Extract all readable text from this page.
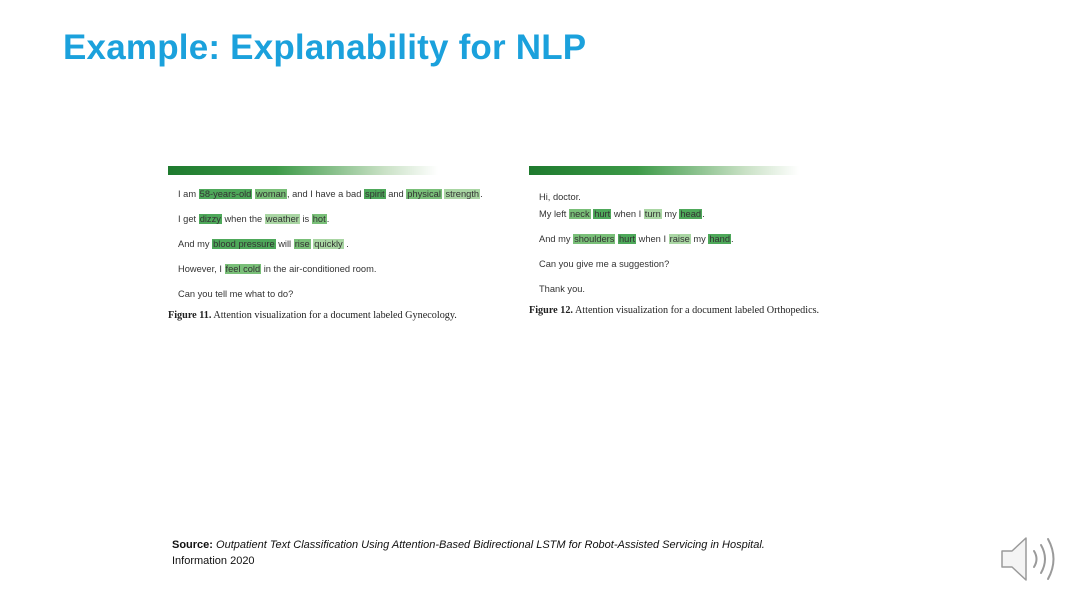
Example: Explanability for NLP
I am 58-years-old woman, and I have a bad spirit and physical strength.
I get dizzy when the weather is hot.
And my blood pressure will rise quickly .
However, I feel cold in the air-conditioned room.
Can you tell me what to do?
Figure 11. Attention visualization for a document labeled Gynecology.
Hi, doctor.
My left neck hurt when I turn my head.
And my shoulders hurt when I raise my hand.
Can you give me a suggestion?
Thank you.
Figure 12. Attention visualization for a document labeled Orthopedics.
Source: Outpatient Text Classification Using Attention-Based Bidirectional LSTM for Robot-Assisted Servicing in Hospital.
Information 2020
